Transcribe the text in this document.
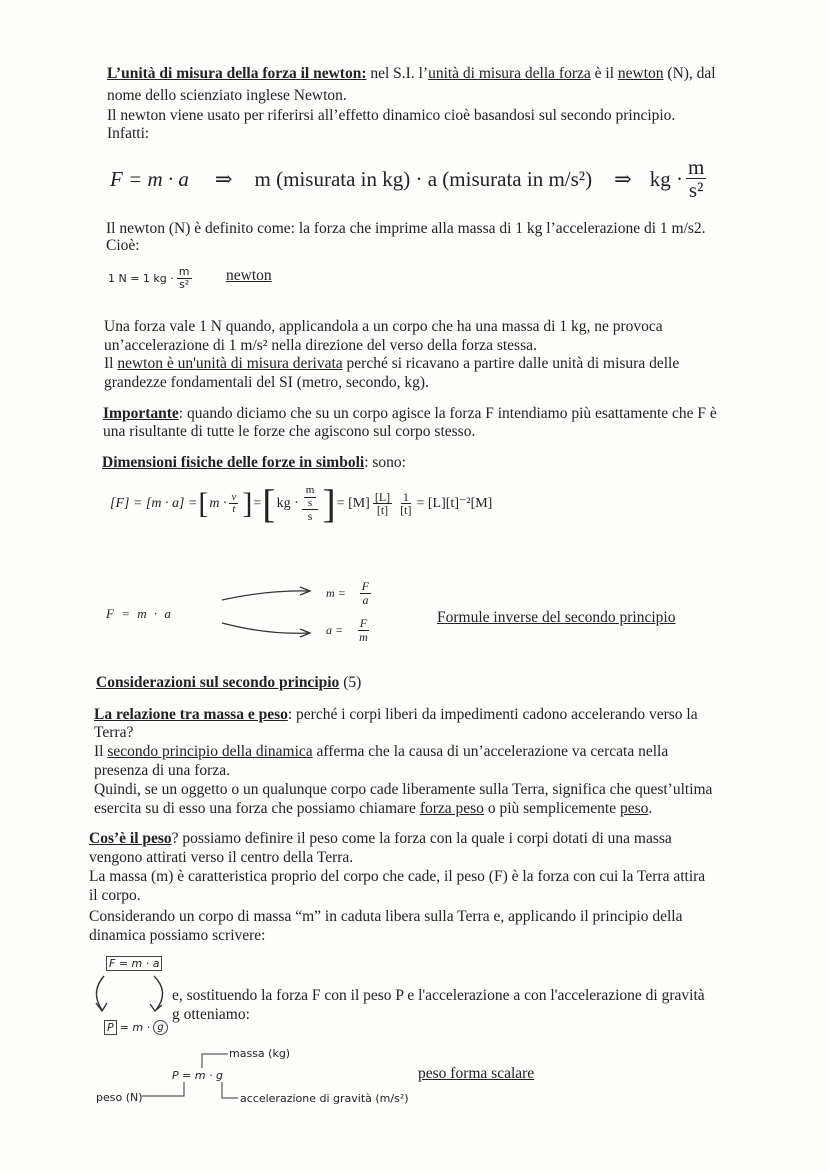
L’unità di misura della forza il newton: nel S.I. l’unità di misura della forza è il newton (N), dal
nome dello scienziato inglese Newton.
Il newton viene usato per riferirsi all’effetto dinamico cioè basandosi sul secondo principio.
Infatti:
F = m · a ⇒ m (misurata in kg) · a (misurata in m/s²) ⇒ kg · $\frac{m}{\text{s²}}$
Il newton (N) è definito come: la forza che imprime alla massa di 1 kg l’accelerazione di 1 m/s2.
Cioè:
1 N = 1 kg · $\frac{m}{\text{s²}}$ newton
Una forza vale 1 N quando, applicandola a un corpo che ha una massa di 1 kg, ne provoca
un’accelerazione di 1 m/s² nella direzione del verso della forza stessa.
Il newton è un'unità di misura derivata perché si ricavano a partire dalle unità di misura delle
grandezze fondamentali del SI (metro, secondo, kg).
Importante: quando diciamo che su un corpo agisce la forza F intendiamo più esattamente che F è
una risultante di tutte le forze che agiscono sul corpo stesso.
Dimensioni fisiche delle forze in simboli: sono:
[F] = [m · a] = [ $m \cdot \frac{v}{t}$ ] = [ kg · $\frac{\frac{m}{s}}{s}$ ] = $[M] \frac{[L]}{[t]} \frac{1}{[t]} = [L][t]^{-2}[M]$
F = m · a
$m = \frac{F}{a}$
$a = \frac{F}{m}$	Formule inverse del secondo principio
Considerazioni sul secondo principio (5)
La relazione tra massa e peso: perché i corpi liberi da impedimenti cadono accelerando verso la
Terra?
Il secondo principio della dinamica afferma che la causa di un’accelerazione va cercata nella
presenza di una forza.
Quindi, se un oggetto o un qualunque corpo cade liberamente sulla Terra, significa che quest’ultima
esercita su di esso una forza che possiamo chiamare forza peso o più semplicemente peso.
Cos’è il peso? possiamo definire il peso come la forza con la quale i corpi dotati di una massa
vengono attirati verso il centro della Terra.
La massa (m) è caratteristica proprio del corpo che cade, il peso (F) è la forza con cui la Terra attira
il corpo.
Considerando un corpo di massa “m” in caduta libera sulla Terra e, applicando il principio della
dinamica possiamo scrivere:
F = m · a
P = m · g
e, sostituendo la forza F con il peso P e l'accelerazione a con l'accelerazione di gravità
g otteniamo:
P = m · g
massa (kg)
peso (N)	accelerazione di gravità (m/s²)
peso forma scalare
